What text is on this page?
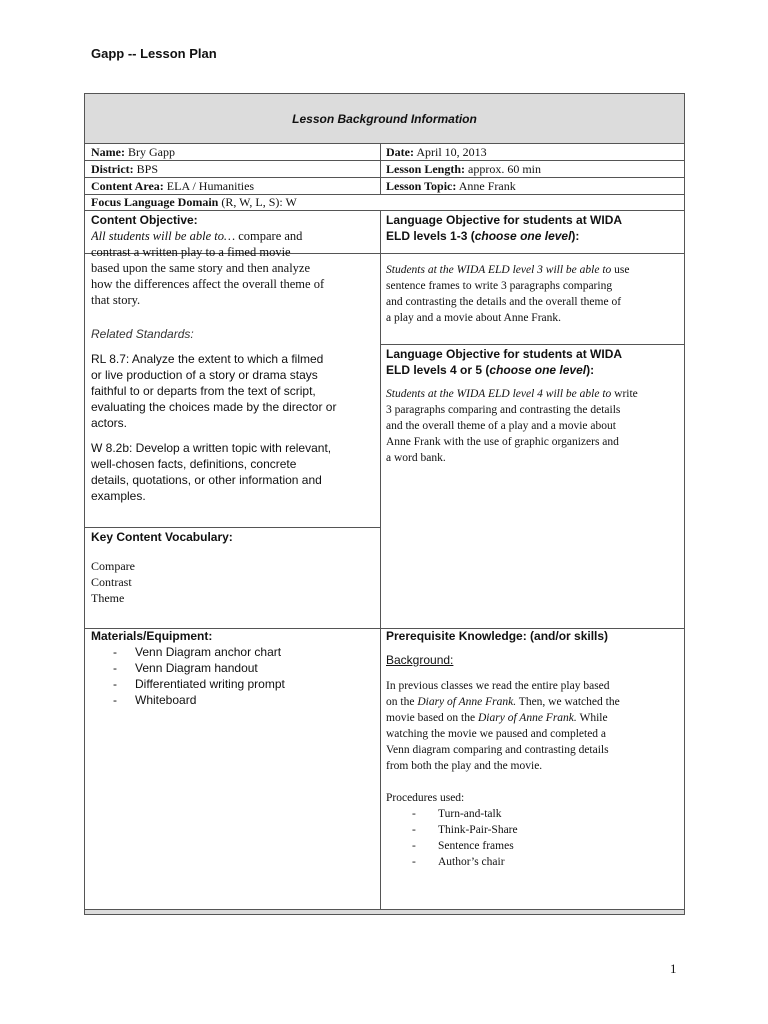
Gapp -- Lesson Plan
Lesson Background Information
Name: Bry Gapp	Date: April 10, 2013
District: BPS	Lesson Length: approx. 60 min
Content Area: ELA / Humanities	Lesson Topic: Anne Frank
Focus Language Domain (R, W, L, S): W
Content Objective:
All students will be able to… compare and
contrast a written play to a fimed movie
based upon the same story and then analyze
how the differences affect the overall theme of
that story.
Related Standards:
RL 8.7: Analyze the extent to which a filmed
or live production of a story or drama stays
faithful to or departs from the text of script,
evaluating the choices made by the director or
actors.
W 8.2b: Develop a written topic with relevant,
well-chosen facts, definitions, concrete
details, quotations, or other information and
examples.
Language Objective for students at WIDA
ELD levels 1-3 (choose one level):
Students at the WIDA ELD level 3 will be able to use
sentence frames to write 3 paragraphs comparing
and contrasting the details and the overall theme of
a play and a movie about Anne Frank.
Language Objective for students at WIDA
ELD levels 4 or 5 (choose one level):
Students at the WIDA ELD level 4 will be able to write
3 paragraphs comparing and contrasting the details
and the overall theme of a play and a movie about
Anne Frank with the use of graphic organizers and
a word bank.
Key Content Vocabulary:
Compare
Contrast
Theme
Materials/Equipment:
- Venn Diagram anchor chart
- Venn Diagram handout
- Differentiated writing prompt
- Whiteboard
Prerequisite Knowledge: (and/or skills)
Background:
In previous classes we read the entire play based
on the Diary of Anne Frank. Then, we watched the
movie based on the Diary of Anne Frank. While
watching the movie we paused and completed a
Venn diagram comparing and contrasting details
from both the play and the movie.
Procedures used:
- Turn-and-talk
- Think-Pair-Share
- Sentence frames
- Author’s chair
1
